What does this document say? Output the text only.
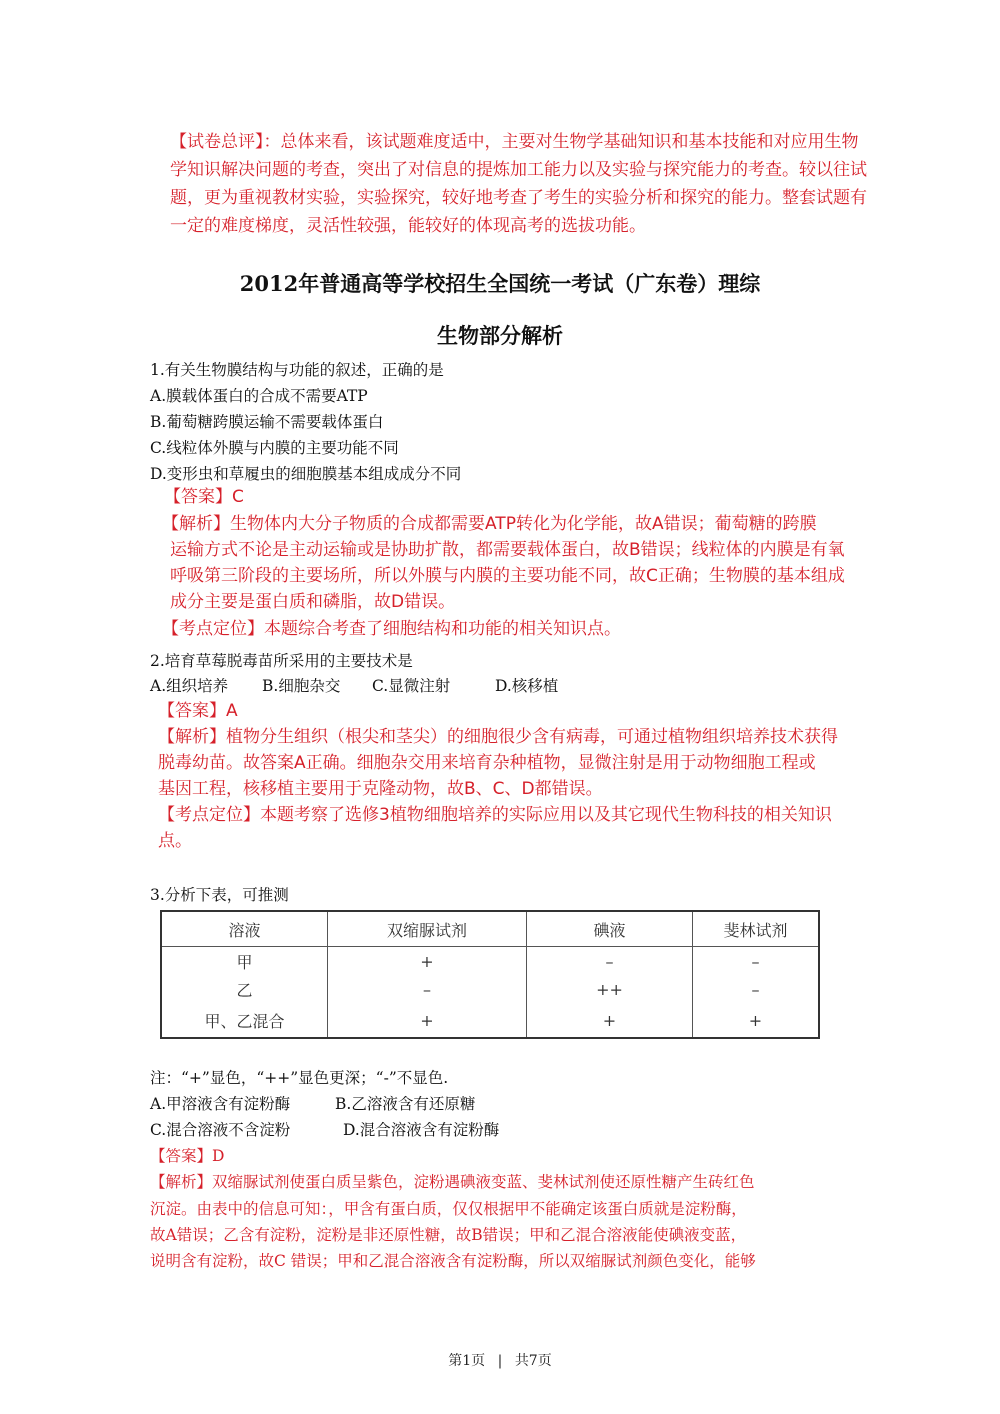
【试卷总评】：总体来看，该试题难度适中，主要对生物学基础知识和基本技能和对应用生物学知识解决问题的考查，突出了对信息的提炼加工能力以及实验与探究能力的考查。较以往试题，更为重视教材实验，实验探究，较好地考查了考生的实验分析和探究的能力。整套试题有一定的难度梯度，灵活性较强，能较好的体现高考的选拔功能。
2012年普通高等学校招生全国统一考试（广东卷）理综
生物部分解析
1.有关生物膜结构与功能的叙述，正确的是
A.膜载体蛋白的合成不需要ATP
B.葡萄糖跨膜运输不需要载体蛋白
C.线粒体外膜与内膜的主要功能不同
D.变形虫和草履虫的细胞膜基本组成成分不同
【答案】C
【解析】生物体内大分子物质的合成都需要ATP转化为化学能，故A错误；葡萄糖的跨膜
运输方式不论是主动运输或是协助扩散，都需要载体蛋白，故B错误；线粒体的内膜是有氧
呼吸第三阶段的主要场所，所以外膜与内膜的主要功能不同，故C正确；生物膜的基本组成
成分主要是蛋白质和磷脂，故D错误。
【考点定位】本题综合考查了细胞结构和功能的相关知识点。
2.培育草莓脱毒苗所采用的主要技术是
A.组织培养 B.细胞杂交 C.显微注射	D.核移植
【答案】A
【解析】植物分生组织（根尖和茎尖）的细胞很少含有病毒，可通过植物组织培养技术获得
脱毒幼苗。故答案A正确。细胞杂交用来培育杂种植物，显微注射是用于动物细胞工程或
基因工程，核移植主要用于克隆动物，故B、C、D都错误。
【考点定位】本题考察了选修3植物细胞培养的实际应用以及其它现代生物科技的相关知识
点。
3.分析下表，可推测
溶液	双缩脲试剂	碘液	斐林试剂
甲	+	–	–
乙	–	++	–
甲、乙混合	+	+	+
注：“+”显色，“++”显色更深；“-”不显色.
A.甲溶液含有淀粉酶	B.乙溶液含有还原糖
C.混合溶液不含淀粉	D.混合溶液含有淀粉酶
【答案】D
【解析】双缩脲试剂使蛋白质呈紫色，淀粉遇碘液变蓝、斐林试剂使还原性糖产生砖红色
沉淀。由表中的信息可知：，甲含有蛋白质，仅仅根据甲不能确定该蛋白质就是淀粉酶，
故A错误；乙含有淀粉，淀粉是非还原性糖，故B错误；甲和乙混合溶液能使碘液变蓝，
说明含有淀粉，故C 错误；甲和乙混合溶液含有淀粉酶，所以双缩脲试剂颜色变化，能够
第1页 | 共7页
